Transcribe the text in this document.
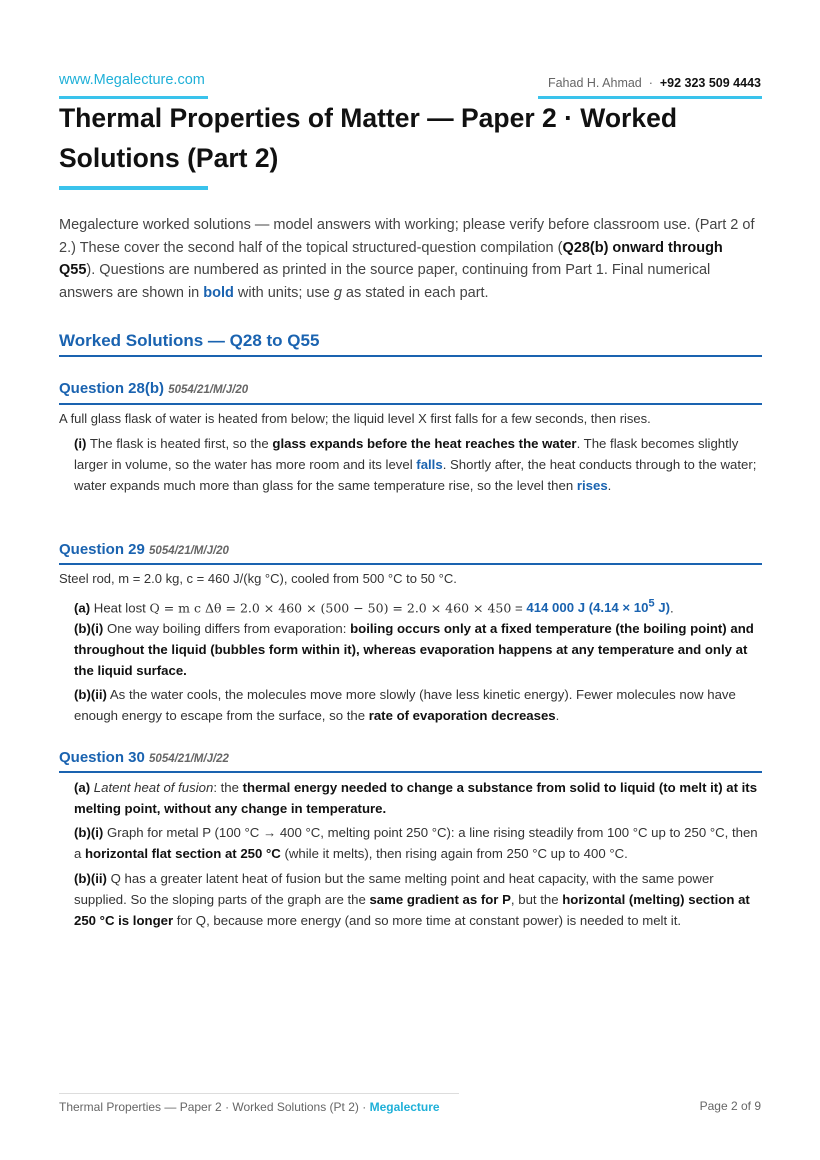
www.Megalecture.com	Fahad H. Ahmad · +92 323 509 4443
Thermal Properties of Matter — Paper 2 · Worked Solutions (Part 2)

Megalecture worked solutions — model answers with working; please verify before classroom use. (Part 2 of 2.) These cover the second half of the topical structured-question compilation (Q28(b) onward through Q55). Questions are numbered as printed in the source paper, continuing from Part 1. Final numerical answers are shown in bold with units; use g as stated in each part.

Worked Solutions — Q28 to Q55
Question 28(b) 5054/21/M/J/20

A full glass flask of water is heated from below; the liquid level X first falls for a few seconds, then rises.

(i) The flask is heated first, so the glass expands before the heat reaches the water. The flask becomes slightly larger in volume, so the water has more room and its level falls. Shortly after, the heat conducts through to the water; water expands much more than glass for the same temperature rise, so the level then rises.

Question 29 5054/21/M/J/20

Steel rod, m = 2.0 kg, c = 460 J/(kg °C), cooled from 500 °C to 50 °C.

(a) Heat lost Q = m c Δθ = 2.0 × 460 × (500 − 50) = 2.0 × 460 × 450 = 414 000 J ($4.14 \times 10^5$ J).

(b)(i) One way boiling differs from evaporation: boiling occurs only at a fixed temperature (the boiling point) and throughout the liquid (bubbles form within it), whereas evaporation happens at any temperature and only at the liquid surface.

(b)(ii) As the water cools, the molecules move more slowly (have less kinetic energy). Fewer molecules now have enough energy to escape from the surface, so the rate of evaporation decreases.

Question 30 5054/21/M/J/22

(a) Latent heat of fusion: the thermal energy needed to change a substance from solid to liquid (to melt it) at its melting point, without any change in temperature.

(b)(i) Graph for metal P (100 °C → 400 °C, melting point 250 °C): a line rising steadily from 100 °C up to 250 °C, then a horizontal flat section at 250 °C (while it melts), then rising again from 250 °C up to 400 °C.

(b)(ii) Q has a greater latent heat of fusion but the same melting point and heat capacity, with the same power supplied. So the sloping parts of the graph are the same gradient as for P, but the horizontal (melting) section at 250 °C is longer for Q, because more energy (and so more time at constant power) is needed to melt it.

Thermal Properties — Paper 2 · Worked Solutions (Pt 2) · Megalecture	Page 2 of 9
